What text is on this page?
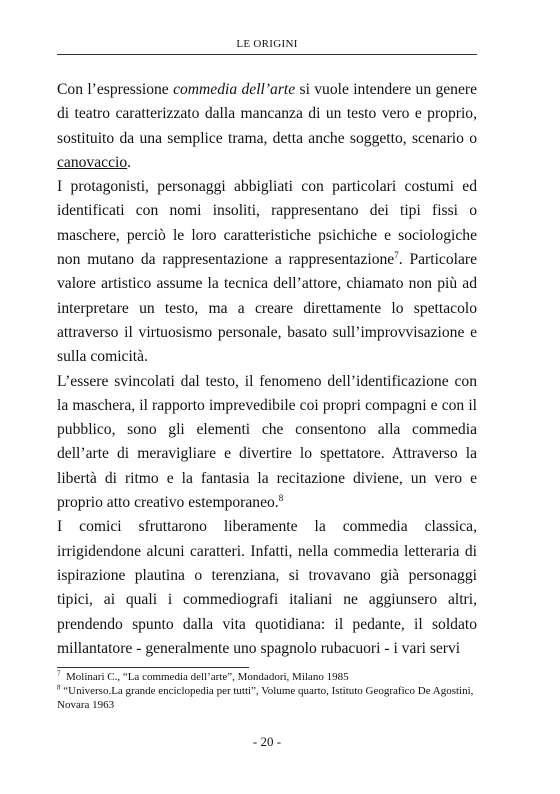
LE ORIGINI

Con l’espressione commedia dell’arte si vuole intendere un genere di teatro caratterizzato dalla mancanza di un testo vero e proprio, sostituito da una semplice trama, detta anche soggetto, scenario o canovaccio.

I protagonisti, personaggi abbigliati con particolari costumi ed identificati con nomi insoliti, rappresentano dei tipi fissi o maschere, perciò le loro caratteristiche psichiche e sociologiche non mutano da rappresentazione a rappresentazione$^7$. Particolare valore artistico assume la tecnica dell’attore, chiamato non più ad interpretare un testo, ma a creare direttamente lo spettacolo attraverso il virtuosismo personale, basato sull’improvvisazione e sulla comicità.

L’essere svincolati dal testo, il fenomeno dell’identificazione con la maschera, il rapporto imprevedibile coi propri compagni e con il pubblico, sono gli elementi che consentono alla commedia dell’arte di meravigliare e divertire lo spettatore. Attraverso la libertà di ritmo e la fantasia la recitazione diviene, un vero e proprio atto creativo estemporaneo.$^8$

I comici sfruttarono liberamente la commedia classica, irrigidendone alcuni caratteri. Infatti, nella commedia letteraria di ispirazione plautina o terenziana, si trovavano già personaggi tipici, ai quali i commediografi italiani ne aggiunsero altri, prendendo spunto dalla vita quotidiana: il pedante, il soldato millantatore - generalmente uno spagnolo rubacuori - i vari servi

$^7$ Molinari C., “La commedia dell’arte”, Mondadori, Milano 1985

$^8$ “Universo.La grande enciclopedia per tutti”, Volume quarto, Istituto Geografico De Agostini, Novara 1963

- 20 -
